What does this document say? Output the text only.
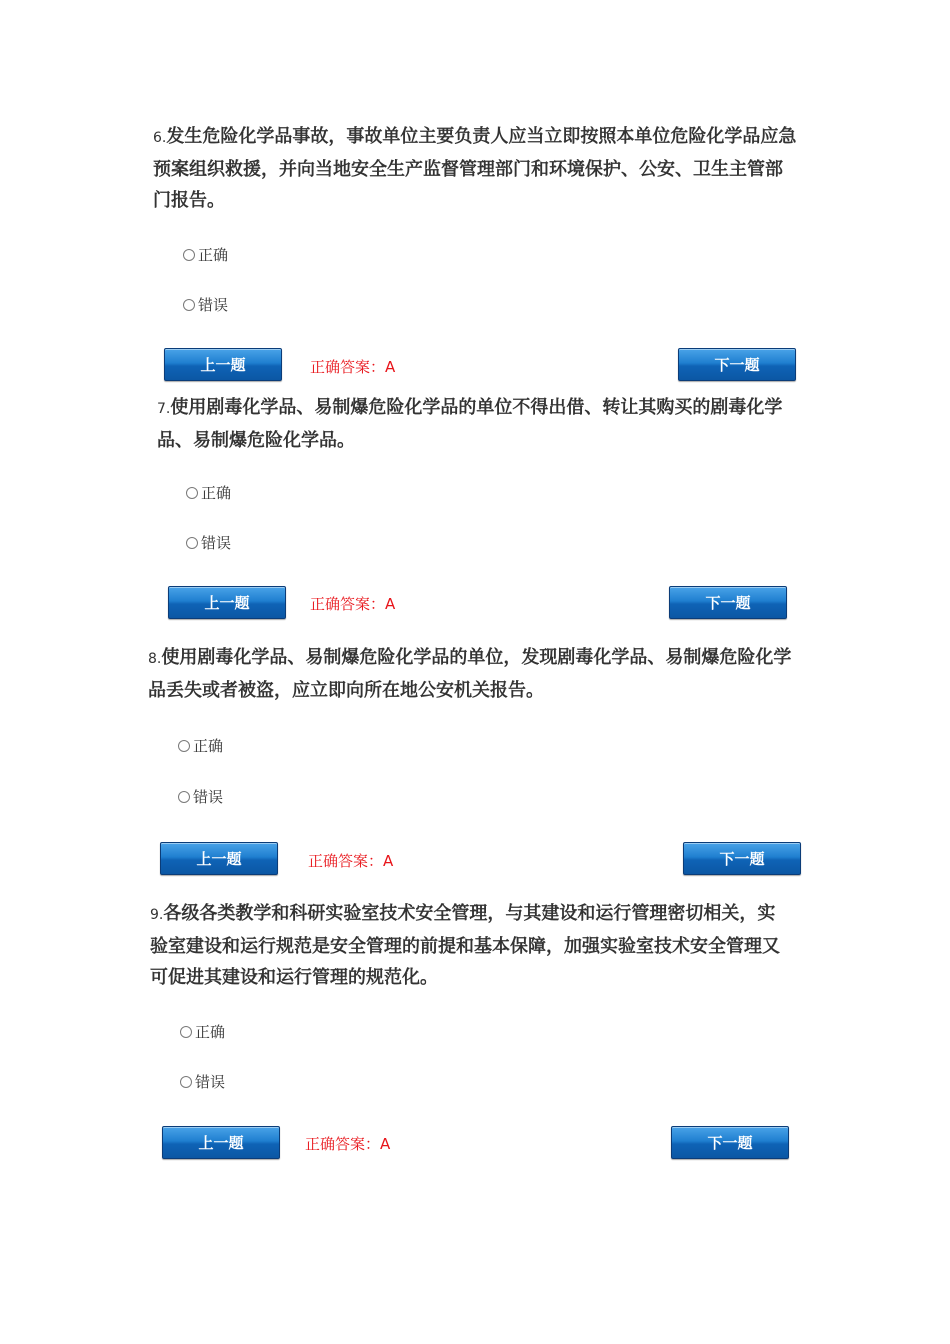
6.发生危险化学品事故，事故单位主要负责人应当立即按照本单位危险化学品应急预案组织救援，并向当地安全生产监督管理部门和环境保护、公安、卫生主管部门报告。
正确
错误
上一题	正确答案：A	下一题
7.使用剧毒化学品、易制爆危险化学品的单位不得出借、转让其购买的剧毒化学品、易制爆危险化学品。
正确
错误
上一题	正确答案：A	下一题
8.使用剧毒化学品、易制爆危险化学品的单位，发现剧毒化学品、易制爆危险化学品丢失或者被盗，应立即向所在地公安机关报告。
正确
错误
上一题	正确答案：A	下一题
9.各级各类教学和科研实验室技术安全管理，与其建设和运行管理密切相关，实验室建设和运行规范是安全管理的前提和基本保障，加强实验室技术安全管理又可促进其建设和运行管理的规范化。
正确
错误
上一题	正确答案：A	下一题
